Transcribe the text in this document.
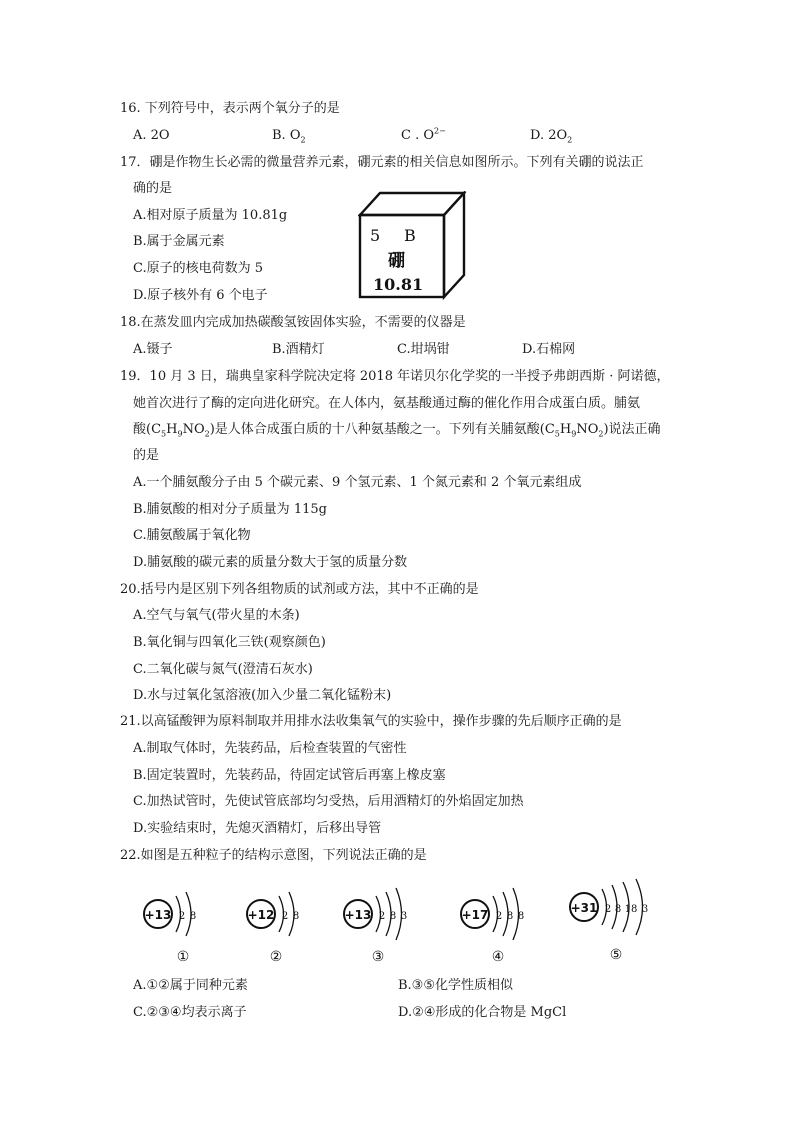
16. 下列符号中，表示两个氧分子的是
A. 2O	B. $O_2$	C . $O^{2-}$	D. $2O_2$
17．硼是作物生长必需的微量营养元素，硼元素的相关信息如图所示。下列有关硼的说法正
确的是
A.相对原子质量为 10.81g
B.属于金属元素
C.原子的核电荷数为 5
D.原子核外有 6 个电子
5 B
硼
10.81
18.在蒸发皿内完成加热碳酸氢铵固体实验，不需要的仪器是
A.镊子	B.酒精灯	C.坩埚钳	D.石棉网
19．10 月 3 日，瑞典皇家科学院决定将 2018 年诺贝尔化学奖的一半授予弗朗西斯 · 阿诺德，
她首次进行了酶的定向进化研究。在人体内，氨基酸通过酶的催化作用合成蛋白质。脯氨
酸$(C_5H_9NO_2)$是人体合成蛋白质的十八种氨基酸之一。下列有关脯氨酸$(C_5H_9NO_2)$说法正确
的是
A.一个脯氨酸分子由 5 个碳元素、9 个氢元素、1 个氮元素和 2 个氧元素组成
B.脯氨酸的相对分子质量为 115g
C.脯氨酸属于氧化物
D.脯氨酸的碳元素的质量分数大于氢的质量分数
20.括号内是区别下列各组物质的试剂或方法，其中不正确的是
A.空气与氧气(带火星的木条)
B.氧化铜与四氧化三铁(观察颜色)
C.二氧化碳与氮气(澄清石灰水)
D.水与过氧化氢溶液(加入少量二氧化锰粉末)
21.以高锰酸钾为原料制取并用排水法收集氧气的实验中，操作步骤的先后顺序正确的是
A.制取气体时，先装药品，后检查装置的气密性
B.固定装置时，先装药品，待固定试管后再塞上橡皮塞
C.加热试管时，先使试管底部均匀受热，后用酒精灯的外焰固定加热
D.实验结束时，先熄灭酒精灯，后移出导管
22.如图是五种粒子的结构示意图，下列说法正确的是
+13 2 8
①
+12 2 8
②
+13 2 8 3
③
+17 2 8 8
④
+31 2 8 18 3
⑤
A.①②属于同种元素	B.③⑤化学性质相似
C.②③④均表示离子	D.②④形成的化合物是 MgCl
